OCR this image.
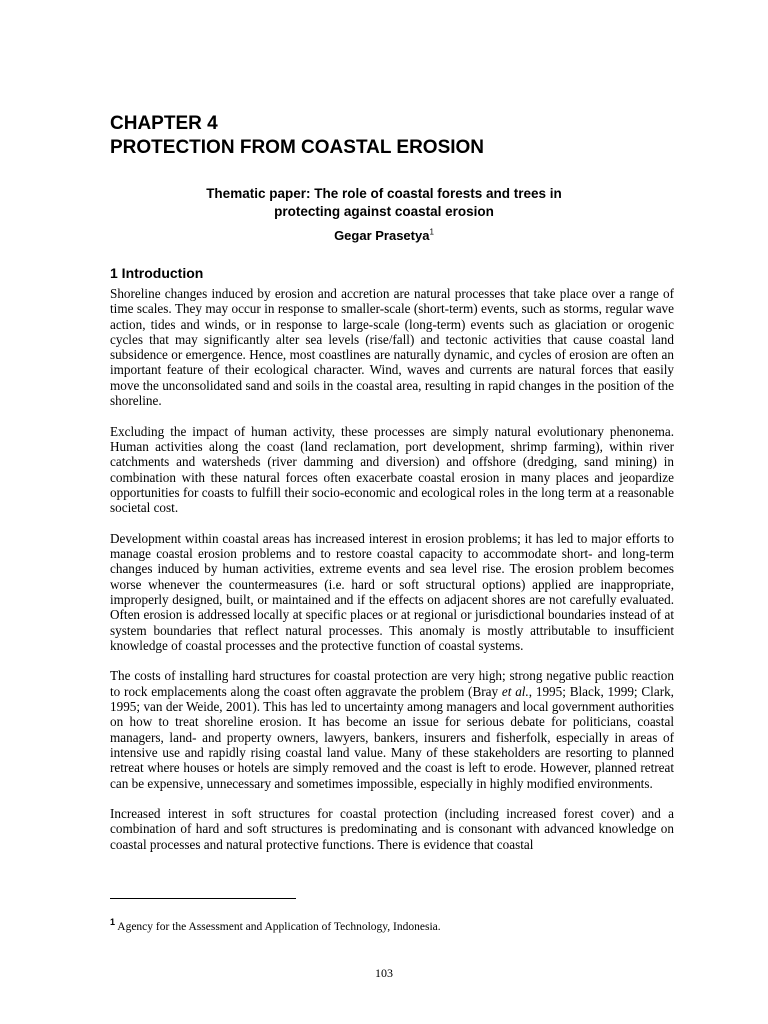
CHAPTER 4
PROTECTION FROM COASTAL EROSION
Thematic paper: The role of coastal forests and trees in
protecting against coastal erosion
Gegar Prasetya$^1$
1 Introduction

Shoreline changes induced by erosion and accretion are natural processes that take place over a range of time scales. They may occur in response to smaller-scale (short-term) events, such as storms, regular wave action, tides and winds, or in response to large-scale (long-term) events such as glaciation or orogenic cycles that may significantly alter sea levels (rise/fall) and tectonic activities that cause coastal land subsidence or emergence. Hence, most coastlines are naturally dynamic, and cycles of erosion are often an important feature of their ecological character. Wind, waves and currents are natural forces that easily move the unconsolidated sand and soils in the coastal area, resulting in rapid changes in the position of the shoreline.

Excluding the impact of human activity, these processes are simply natural evolutionary phenonema. Human activities along the coast (land reclamation, port development, shrimp farming), within river catchments and watersheds (river damming and diversion) and offshore (dredging, sand mining) in combination with these natural forces often exacerbate coastal erosion in many places and jeopardize opportunities for coasts to fulfill their socio-economic and ecological roles in the long term at a reasonable societal cost.

Development within coastal areas has increased interest in erosion problems; it has led to major efforts to manage coastal erosion problems and to restore coastal capacity to accommodate short- and long-term changes induced by human activities, extreme events and sea level rise. The erosion problem becomes worse whenever the countermeasures (i.e. hard or soft structural options) applied are inappropriate, improperly designed, built, or maintained and if the effects on adjacent shores are not carefully evaluated. Often erosion is addressed locally at specific places or at regional or jurisdictional boundaries instead of at system boundaries that reflect natural processes. This anomaly is mostly attributable to insufficient knowledge of coastal processes and the protective function of coastal systems.

The costs of installing hard structures for coastal protection are very high; strong negative public reaction to rock emplacements along the coast often aggravate the problem (Bray et al., 1995; Black, 1999; Clark, 1995; van der Weide, 2001). This has led to uncertainty among managers and local government authorities on how to treat shoreline erosion. It has become an issue for serious debate for politicians, coastal managers, land- and property owners, lawyers, bankers, insurers and fisherfolk, especially in areas of intensive use and rapidly rising coastal land value. Many of these stakeholders are resorting to planned retreat where houses or hotels are simply removed and the coast is left to erode. However, planned retreat can be expensive, unnecessary and sometimes impossible, especially in highly modified environments.

Increased interest in soft structures for coastal protection (including increased forest cover) and a combination of hard and soft structures is predominating and is consonant with advanced knowledge on coastal processes and natural protective functions. There is evidence that coastal

$^1$ Agency for the Assessment and Application of Technology, Indonesia.
103
